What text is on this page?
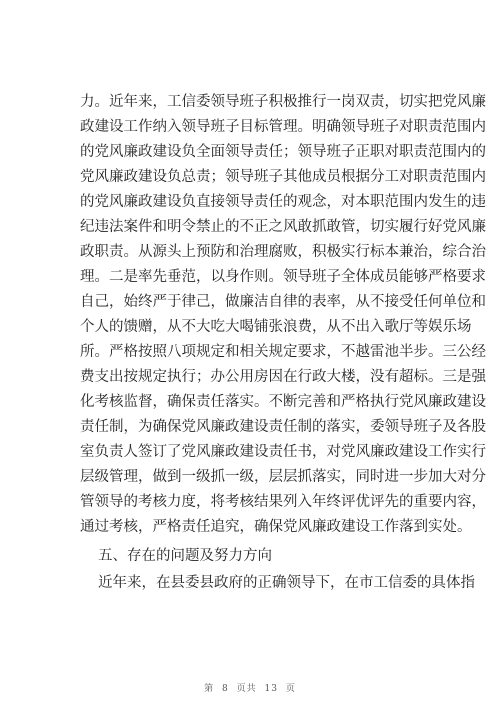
力。近年来，工信委领导班子积极推行一岗双责，切实把党风廉
政建设工作纳入领导班子目标管理。明确领导班子对职责范围内
的党风廉政建设负全面领导责任；领导班子正职对职责范围内的
党风廉政建设负总责；领导班子其他成员根据分工对职责范围内
的党风廉政建设负直接领导责任的观念，对本职范围内发生的违
纪违法案件和明令禁止的不正之风敢抓敢管，切实履行好党风廉
政职责。从源头上预防和治理腐败，积极实行标本兼治，综合治
理。二是率先垂范，以身作则。领导班子全体成员能够严格要求
自己，始终严于律己，做廉洁自律的表率，从不接受任何单位和
个人的馈赠，从不大吃大喝铺张浪费，从不出入歌厅等娱乐场
所。严格按照八项规定和相关规定要求，不越雷池半步。三公经
费支出按规定执行；办公用房因在行政大楼，没有超标。三是强
化考核监督，确保责任落实。不断完善和严格执行党风廉政建设
责任制，为确保党风廉政建设责任制的落实，委领导班子及各股
室负责人签订了党风廉政建设责任书，对党风廉政建设工作实行
层级管理，做到一级抓一级，层层抓落实，同时进一步加大对分
管领导的考核力度，将考核结果列入年终评优评先的重要内容，
通过考核，严格责任追究，确保党风廉政建设工作落到实处。
五、存在的问题及努力方向
近年来，在县委县政府的正确领导下，在市工信委的具体指
第 8 页共 13 页
